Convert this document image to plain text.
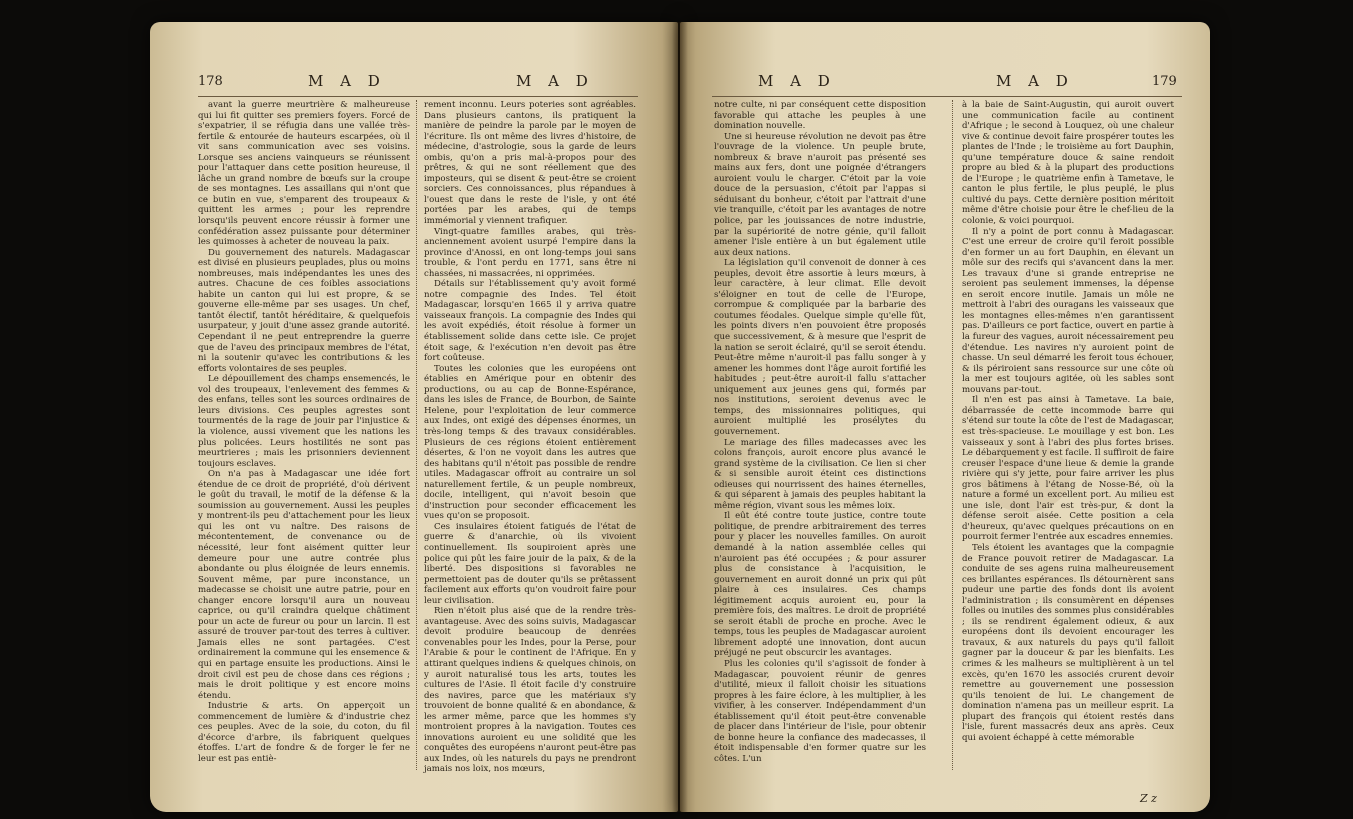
178	M A D	M A D

avant la guerre meurtrière & malheureuse qui lui fit quitter ses premiers foyers. Forcé de s'expatrier, il se réfugia dans une vallée très-fertile & entourée de hauteurs escarpées, où il vit sans communication avec ses voisins. Lorsque ses anciens vainqueurs se réunissent pour l'attaquer dans cette position heureuse, il lâche un grand nombre de bœufs sur la croupe de ses montagnes. Les assaillans qui n'ont que ce butin en vue, s'emparent des troupeaux & quittent les armes ; pour les reprendre lorsqu'ils peuvent encore réussir à former une confédération assez puissante pour déterminer les quimosses à acheter de nouveau la paix.

Du gouvernement des naturels. Madagascar est divisé en plusieurs peuplades, plus ou moins nombreuses, mais indépendantes les unes des autres. Chacune de ces foibles associations habite un canton qui lui est propre, & se gouverne elle-même par ses usages. Un chef, tantôt électif, tantôt héréditaire, & quelquefois usurpateur, y jouit d'une assez grande autorité. Cependant il ne peut entreprendre la guerre que de l'aveu des principaux membres de l'état, ni la soutenir qu'avec les contributions & les efforts volontaires de ses peuples.

Le dépouillement des champs ensemencés, le vol des troupeaux, l'enlevement des femmes & des enfans, telles sont les sources ordinaires de leurs divisions. Ces peuples agrestes sont tourmentés de la rage de jouir par l'injustice & la violence, aussi vivement que les nations les plus policées. Leurs hostilités ne sont pas meurtrieres ; mais les prisonniers deviennent toujours esclaves.

On n'a pas à Madagascar une idée fort étendue de ce droit de propriété, d'où dérivent le goût du travail, le motif de la défense & la soumission au gouvernement. Aussi les peuples y montrent-ils peu d'attachement pour les lieux qui les ont vu naître. Des raisons de mécontentement, de convenance ou de nécessité, leur font aisément quitter leur demeure pour une autre contrée plus abondante ou plus éloignée de leurs ennemis. Souvent même, par pure inconstance, un madecasse se choisit une autre patrie, pour en changer encore lorsqu'il aura un nouveau caprice, ou qu'il craindra quelque châtiment pour un acte de fureur ou pour un larcin. Il est assuré de trouver par-tout des terres à cultiver. Jamais elles ne sont partagées. C'est ordinairement la commune qui les ensemence & qui en partage ensuite les productions. Ainsi le droit civil est peu de chose dans ces régions ; mais le droit politique y est encore moins étendu.

Industrie & arts. On apperçoit un commencement de lumière & d'industrie chez ces peuples. Avec de la soie, du coton, du fil d'écorce d'arbre, ils fabriquent quelques étoffes. L'art de fondre & de forger le fer ne leur est pas entiè-

rement inconnu. Leurs poteries sont agréables. Dans plusieurs cantons, ils pratiquent la manière de peindre la parole par le moyen de l'écriture. Ils ont même des livres d'histoire, de médecine, d'astrologie, sous la garde de leurs ombis, qu'on a pris mal-à-propos pour des prêtres, & qui ne sont réellement que des imposteurs, qui se disent & peut-être se croient sorciers. Ces connoissances, plus répandues à l'ouest que dans le reste de l'isle, y ont été portées par les arabes, qui de temps immémorial y viennent trafiquer.

Vingt-quatre familles arabes, qui très-anciennement avoient usurpé l'empire dans la province d'Anossi, en ont long-temps joui sans trouble, & l'ont perdu en 1771, sans être ni chassées, ni massacrées, ni opprimées.

Détails sur l'établissement qu'y avoit formé notre compagnie des Indes. Tel étoit Madagascar, lorsqu'en 1665 il y arriva quatre vaisseaux françois. La compagnie des Indes qui les avoit expédiés, étoit résolue à former un établissement solide dans cette isle. Ce projet étoit sage, & l'exécution n'en devoit pas être fort coûteuse.

Toutes les colonies que les européens ont établies en Amérique pour en obtenir des productions, ou au cap de Bonne-Espérance, dans les isles de France, de Bourbon, de Sainte Helene, pour l'exploitation de leur commerce aux Indes, ont exigé des dépenses énormes, un très-long temps & des travaux considérables. Plusieurs de ces régions étoient entièrement désertes, & l'on ne voyoit dans les autres que des habitans qu'il n'étoit pas possible de rendre utiles. Madagascar offroit au contraire un sol naturellement fertile, & un peuple nombreux, docile, intelligent, qui n'avoit besoin que d'instruction pour seconder efficacement les vues qu'on se proposoit.

Ces insulaires étoient fatigués de l'état de guerre & d'anarchie, où ils vivoient continuellement. Ils soupiroient après une police qui pût les faire jouir de la paix, & de la liberté. Des dispositions si favorables ne permettoient pas de douter qu'ils se prêtassent facilement aux efforts qu'on voudroit faire pour leur civilisation.

Rien n'étoit plus aisé que de la rendre très-avantageuse. Avec des soins suivis, Madagascar devoit produire beaucoup de denrées convenables pour les Indes, pour la Perse, pour l'Arabie & pour le continent de l'Afrique. En y attirant quelques indiens & quelques chinois, on y auroit naturalisé tous les arts, toutes les cultures de l'Asie. Il étoit facile d'y construire des navires, parce que les matériaux s'y trouvoient de bonne qualité & en abondance, & les armer même, parce que les hommes s'y montroient propres à la navigation. Toutes ces innovations auroient eu une solidité que les conquêtes des européens n'auront peut-être pas aux Indes, où les naturels du pays ne prendront jamais nos loix, nos mœurs,

M A D	M A D	179

notre culte, ni par conséquent cette disposition favorable qui attache les peuples à une domination nouvelle.

Une si heureuse révolution ne devoit pas être l'ouvrage de la violence. Un peuple brute, nombreux & brave n'auroit pas présenté ses mains aux fers, dont une poignée d'étrangers auroient voulu le charger. C'étoit par la voie douce de la persuasion, c'étoit par l'appas si séduisant du bonheur, c'étoit par l'attrait d'une vie tranquille, c'étoit par les avantages de notre police, par les jouissances de notre industrie, par la supériorité de notre génie, qu'il falloit amener l'isle entière à un but également utile aux deux nations.

La législation qu'il convenoit de donner à ces peuples, devoit être assortie à leurs mœurs, à leur caractère, à leur climat. Elle devoit s'éloigner en tout de celle de l'Europe, corrompue & compliquée par la barbarie des coutumes féodales. Quelque simple qu'elle fût, les points divers n'en pouvoient être proposés que successivement, & à mesure que l'esprit de la nation se seroit éclairé, qu'il se seroit étendu. Peut-être même n'auroit-il pas fallu songer à y amener les hommes dont l'âge auroit fortifié les habitudes ; peut-être auroit-il fallu s'attacher uniquement aux jeunes gens qui, formés par nos institutions, seroient devenus avec le temps, des missionnaires politiques, qui auroient multiplié les prosélytes du gouvernement.

Le mariage des filles madecasses avec les colons françois, auroit encore plus avancé le grand système de la civilisation. Ce lien si cher & si sensible auroit éteint ces distinctions odieuses qui nourrissent des haines éternelles, & qui séparent à jamais des peuples habitant la même région, vivant sous les mêmes loix.

Il eût été contre toute justice, contre toute politique, de prendre arbitrairement des terres pour y placer les nouvelles familles. On auroit demandé à la nation assemblée celles qui n'auroient pas été occupées ; & pour assurer plus de consistance à l'acquisition, le gouvernement en auroit donné un prix qui pût plaire à ces insulaires. Ces champs légitimement acquis auroient eu, pour la première fois, des maîtres. Le droit de propriété se seroit établi de proche en proche. Avec le temps, tous les peuples de Madagascar auroient librement adopté une innovation, dont aucun préjugé ne peut obscurcir les avantages.

Plus les colonies qu'il s'agissoit de fonder à Madagascar, pouvoient réunir de genres d'utilité, mieux il falloit choisir les situations propres à les faire éclore, à les multiplier, à les vivifier, à les conserver. Indépendamment d'un établissement qu'il étoit peut-être convenable de placer dans l'intérieur de l'isle, pour obtenir de bonne heure la confiance des madecasses, il étoit indispensable d'en former quatre sur les côtes. L'un

à la baie de Saint-Augustin, qui auroit ouvert une communication facile au continent d'Afrique ; le second à Louquez, où une chaleur vive & continue devoit faire prospérer toutes les plantes de l'Inde ; le troisième au fort Dauphin, qu'une température douce & saine rendoit propre au bled & à la plupart des productions de l'Europe ; le quatrième enfin à Tametave, le canton le plus fertile, le plus peuplé, le plus cultivé du pays. Cette dernière position méritoit même d'être choisie pour être le chef-lieu de la colonie, & voici pourquoi.

Il n'y a point de port connu à Madagascar. C'est une erreur de croire qu'il feroit possible d'en former un au fort Dauphin, en élevant un môle sur des recifs qui s'avancent dans la mer. Les travaux d'une si grande entreprise ne seroient pas seulement immenses, la dépense en seroit encore inutile. Jamais un môle ne mettroit à l'abri des ouragans les vaisseaux que les montagnes elles-mêmes n'en garantissent pas. D'ailleurs ce port factice, ouvert en partie à la fureur des vagues, auroit nécessairement peu d'étendue. Les navires n'y auroient point de chasse. Un seul démarré les feroit tous échouer, & ils périroient sans ressource sur une côte où la mer est toujours agitée, où les sables sont mouvans par-tout.

Il n'en est pas ainsi à Tametave. La baie, débarrassée de cette incommode barre qui s'étend sur toute la côte de l'est de Madagascar, est très-spacieuse. Le mouillage y est bon. Les vaisseaux y sont à l'abri des plus fortes brises. Le débarquement y est facile. Il suffiroit de faire creuser l'espace d'une lieue & demie la grande rivière qui s'y jette, pour faire arriver les plus gros bâtimens à l'étang de Nosse-Bé, où la nature a formé un excellent port. Au milieu est une isle, dont l'air est très-pur, & dont la défense seroit aisée. Cette position a cela d'heureux, qu'avec quelques précautions on en pourroit fermer l'entrée aux escadres ennemies.

Tels étoient les avantages que la compagnie de France pouvoit retirer de Madagascar. La conduite de ses agens ruina malheureusement ces brillantes espérances. Ils détournèrent sans pudeur une partie des fonds dont ils avoient l'administration ; ils consumèrent en dépenses folles ou inutiles des sommes plus considérables ; ils se rendirent également odieux, & aux européens dont ils devoient encourager les travaux, & aux naturels du pays qu'il falloit gagner par la douceur & par les bienfaits. Les crimes & les malheurs se multiplièrent à un tel excès, qu'en 1670 les associés crurent devoir remettre au gouvernement une possession qu'ils tenoient de lui. Le changement de domination n'amena pas un meilleur esprit. La plupart des françois qui étoient restés dans l'isle, furent massacrés deux ans après. Ceux qui avoient échappé à cette mémorable

Z z
